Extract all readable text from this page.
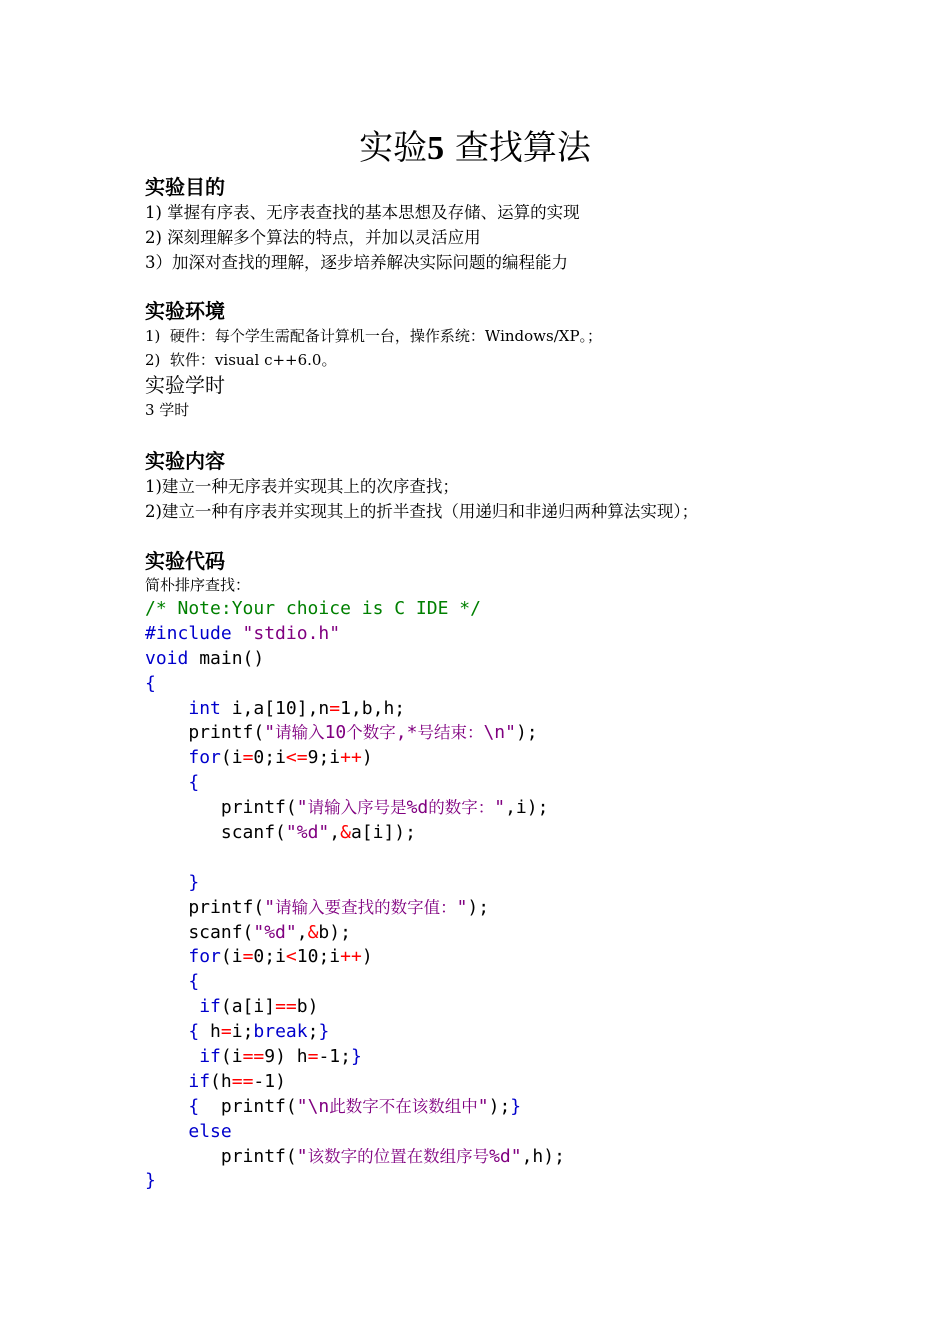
实验5 查找算法
实验目的
1) 掌握有序表、无序表查找的基本思想及存储、运算的实现
2) 深刻理解多个算法的特点，并加以灵活应用
3）加深对查找的理解，逐步培养解决实际问题的编程能力
实验环境
1)  硬件：每个学生需配备计算机一台，操作系统：Windows/XP。；
2)  软件：visual c++6.0。
实验学时
3 学时
实验内容
1)建立一种无序表并实现其上的次序查找；
2)建立一种有序表并实现其上的折半查找（用递归和非递归两种算法实现）；
实验代码
简朴排序查找：
/* Note:Your choice is C IDE */
#include "stdio.h"
void main()
{
int i,a[10],n=1,b,h;
printf("请输入10个数字,*号结束：\n");
for(i=0;i<=9;i++)
{
printf("请输入序号是%d的数字：",i);
scanf("%d",&a[i]);
}
printf("请输入要查找的数字值：");
scanf("%d",&b);
for(i=0;i<10;i++)
{
if(a[i]==b)
{ h=i;break;}
if(i==9) h=-1;}
if(h==-1)
{  printf("\n此数字不在该数组中");}
else
printf("该数字的位置在数组序号%d",h);
}
